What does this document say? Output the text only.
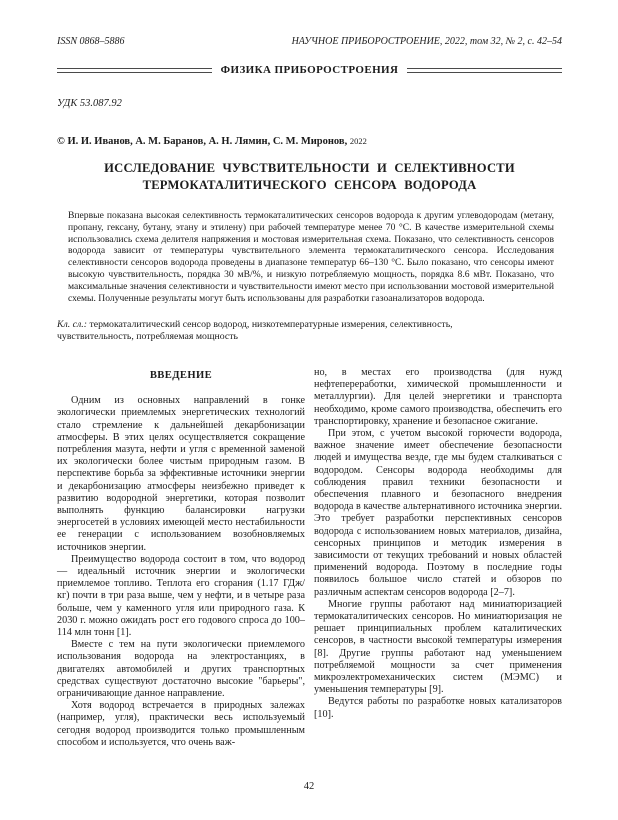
ISSN 0868–5886	НАУЧНОЕ ПРИБОРОСТРОЕНИЕ, 2022, том 32, № 2, с. 42–54
ФИЗИКА ПРИБОРОСТРОЕНИЯ
УДК 53.087.92
© И. И. Иванов, А. М. Баранов, А. Н. Лямин, С. М. Миронов, 2022
ИССЛЕДОВАНИЕ ЧУВСТВИТЕЛЬНОСТИ И СЕЛЕКТИВНОСТИ ТЕРМОКАТАЛИТИЧЕСКОГО СЕНСОРА ВОДОРОДА

Впервые показана высокая селективность термокаталитических сенсоров водорода к другим углеводородам (метану, пропану, гексану, бутану, этану и этилену) при рабочей температуре менее 70 °C. В качестве измерительной схемы использовались схема делителя напряжения и мостовая измерительная схема. Показано, что селективность сенсоров водорода зависит от температуры чувствительного элемента термокаталитического сенсора. Исследования селективности сенсоров водорода проведены в диапазоне температур 66–130 °C. Было показано, что сенсоры имеют высокую чувствительность, порядка 30 мВ/%, и низкую потребляемую мощность, порядка 8.6 мВт. Показано, что максимальные значения селективности и чувствительности имеют место при использовании мостовой измерительной схемы. Полученные результаты могут быть использованы для разработки газоанализаторов водорода.

Кл. сл.: термокаталитический сенсор водород, низкотемпературные измерения, селективность, чувствительность, потребляемая мощность

ВВЕДЕНИЕ

Одним из основных направлений в гонке экологически приемлемых энергетических технологий стало стремление к дальнейшей декарбонизации атмосферы. В этих целях осуществляется сокращение потребления мазута, нефти и угля с временной заменой их экологически более чистым природным газом. В перспективе борьба за эффективные источники энергии и декарбонизацию атмосферы неизбежно приведет к развитию водородной энергетики, которая позволит выполнять функцию балансировки нагрузки энергосетей в условиях имеющей место нестабильности ее генерации с использованием возобновляемых источников энергии.

Преимущество водорода состоит в том, что водород — идеальный источник энергии и экологически приемлемое топливо. Теплота его сгорания (1.17 ГДж/кг) почти в три раза выше, чем у нефти, и в четыре раза больше, чем у каменного угля или природного газа. К 2030 г. можно ожидать рост его годового спроса до 100–114 млн тонн [1].

Вместе с тем на пути экологически приемлемого использования водорода на электростанциях, в двигателях автомобилей и других транспортных средствах существуют достаточно высокие "барьеры", ограничивающие данное направление.

Хотя водород встречается в природных залежах (например, угля), практически весь используемый сегодня водород производится только промышленным способом и используется, что очень важ-

но, в местах его производства (для нужд нефтепереработки, химической промышленности и металлургии). Для целей энергетики и транспорта необходимо, кроме самого производства, обеспечить его транспортировку, хранение и безопасное сжигание.

При этом, с учетом высокой горючести водорода, важное значение имеет обеспечение безопасности людей и имущества везде, где мы будем сталкиваться с водородом. Сенсоры водорода необходимы для соблюдения правил техники безопасности и обеспечения плавного и безопасного внедрения водорода в качестве альтернативного источника энергии. Это требует разработки перспективных сенсоров водорода с использованием новых материалов, дизайна, сенсорных принципов и методик измерения в зависимости от текущих требований и новых областей применений водорода. Поэтому в последние годы появилось большое число статей и обзоров по различным аспектам сенсоров водорода [2–7].

Многие группы работают над миниатюризацией термокаталитических сенсоров. Но миниатюризация не решает принципиальных проблем каталитических сенсоров, в частности высокой температуры измерения [8]. Другие группы работают над уменьшением потребляемой мощности за счет применения микроэлектромеханических систем (МЭМС) и уменьшения температуры [9].

Ведутся работы по разработке новых катализаторов [10].

42
